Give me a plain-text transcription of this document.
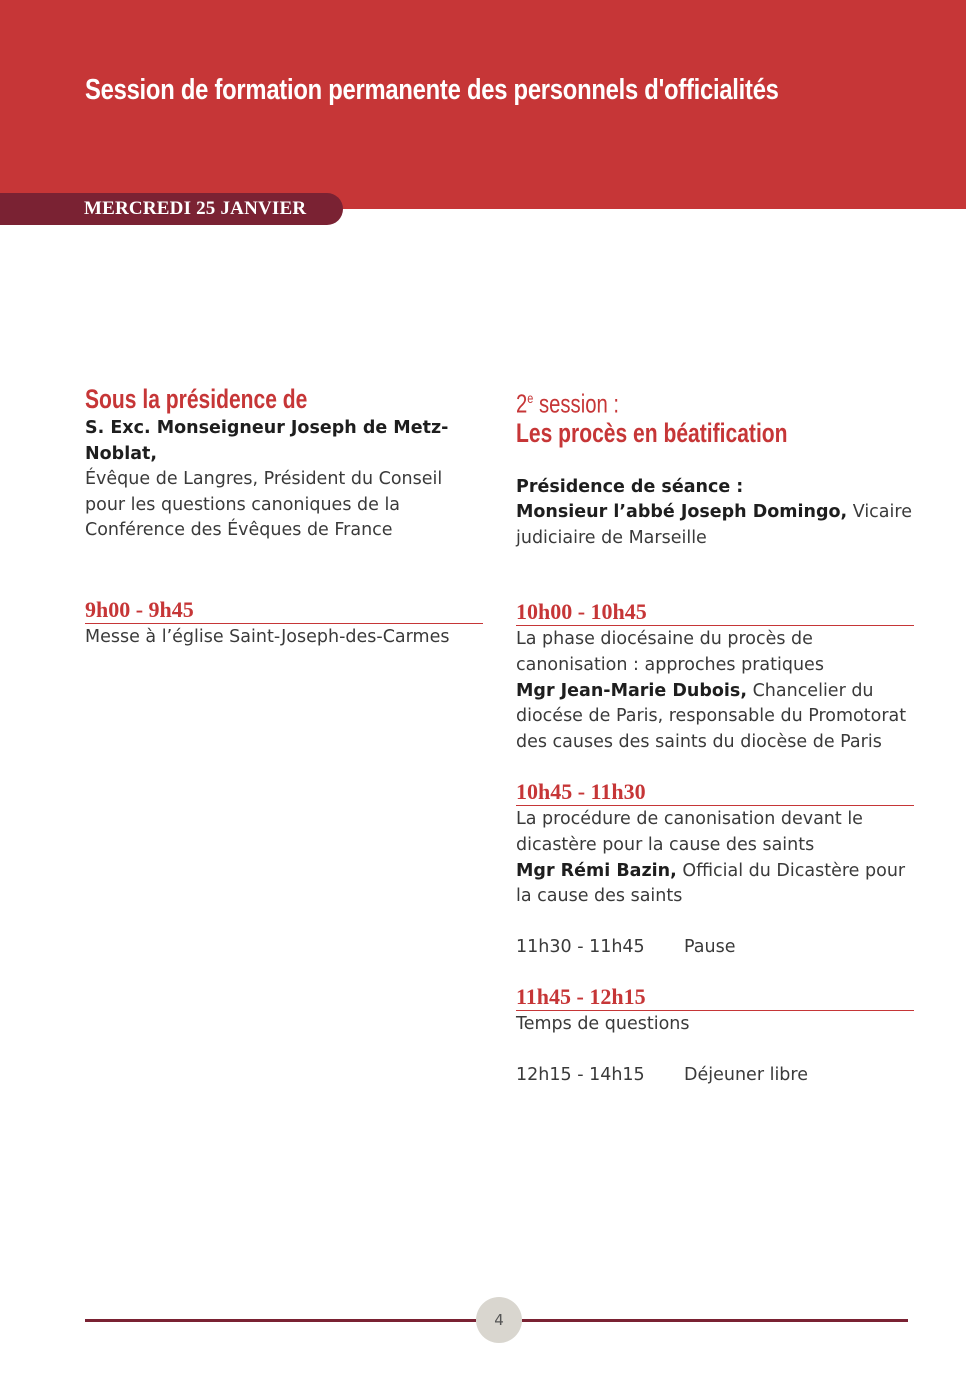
Session de formation permanente des personnels d'officialités
MERCREDI 25 JANVIER
Sous la présidence de

S. Exc. Monseigneur Joseph de Metz-Noblat,
Évêque de Langres, Président du Conseil pour les questions canoniques de la Conférence des Évêques de France

9h00 - 9h45

Messe à l’église Saint-Joseph-des-Carmes

2e session :
Les procès en béatification

Présidence de séance :
Monsieur l’abbé Joseph Domingo, Vicaire judiciaire de Marseille

10h00 - 10h45

La phase diocésaine du procès de canonisation : approches pratiques
Mgr Jean-Marie Dubois, Chancelier du diocése de Paris, responsable du Promotorat des causes des saints du diocèse de Paris

10h45 - 11h30

La procédure de canonisation devant le dicastère pour la cause des saints
Mgr Rémi Bazin, Official du Dicastère pour la cause des saints

11h30 - 11h45	Pause
11h45 - 12h15

Temps de questions

12h15 - 14h15	Déjeuner libre
4
